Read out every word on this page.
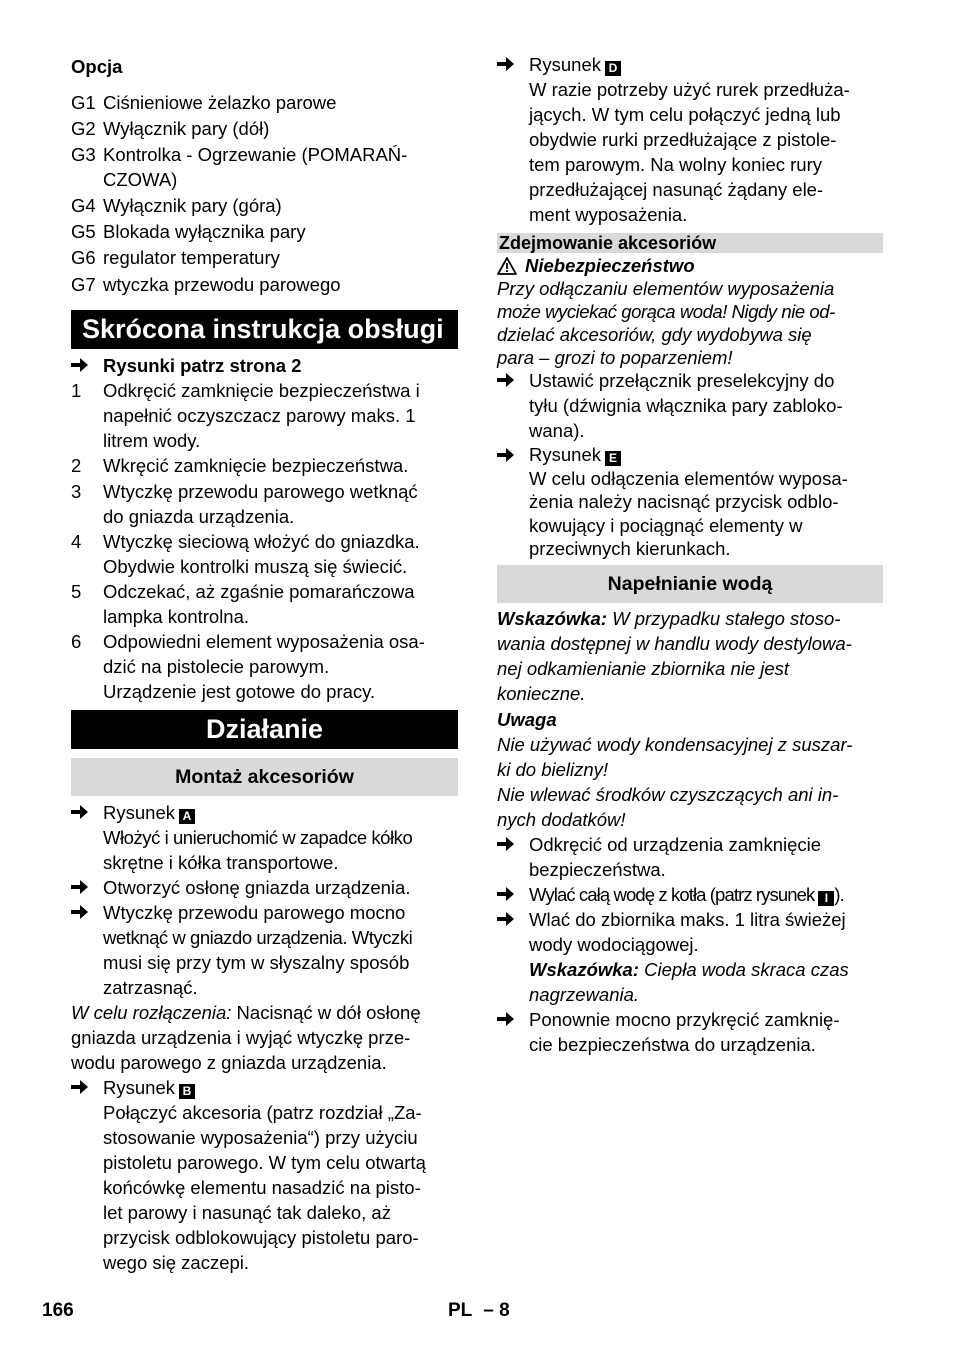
Opcja
G1 Ciśnieniowe żelazko parowe
G2 Wyłącznik pary (dół)
G3 Kontrolka - Ogrzewanie (POMARAŃ-
CZOWA)
G4 Wyłącznik pary (góra)
G5 Blokada wyłącznika pary
G6 regulator temperatury
G7 wtyczka przewodu parowego
Skrócona instrukcja obsługi
Rysunki patrz strona 2
1 Odkręcić zamknięcie bezpieczeństwa i
napełnić oczyszczacz parowy maks. 1
litrem wody.
2 Wkręcić zamknięcie bezpieczeństwa.
3 Wtyczkę przewodu parowego wetknąć
do gniazda urządzenia.
4 Wtyczkę sieciową włożyć do gniazdka.
Obydwie kontrolki muszą się świecić.
5 Odczekać, aż zgaśnie pomarańczowa
lampka kontrolna.
6 Odpowiedni element wyposażenia osa-
dzić na pistolecie parowym.
Urządzenie jest gotowe do pracy.
Działanie
Montaż akcesoriów
Rysunek A
Włożyć i unieruchomić w zapadce kółko
skrętne i kółka transportowe.
Otworzyć osłonę gniazda urządzenia.
Wtyczkę przewodu parowego mocno
wetknąć w gniazdo urządzenia. Wtyczki
musi się przy tym w słyszalny sposób
zatrzasnąć.
W celu rozłączenia: Nacisnąć w dół osłonę
gniazda urządzenia i wyjąć wtyczkę prze-
wodu parowego z gniazda urządzenia.
Rysunek B
Połączyć akcesoria (patrz rozdział „Za-
stosowanie wyposażenia“) przy użyciu
pistoletu parowego. W tym celu otwartą
końcówkę elementu nasadzić na pisto-
let parowy i nasunąć tak daleko, aż
przycisk odblokowujący pistoletu paro-
wego się zaczepi.
Rysunek D
W razie potrzeby użyć rurek przedłuża-
jących. W tym celu połączyć jedną lub
obydwie rurki przedłużające z pistole-
tem parowym. Na wolny koniec rury
przedłużającej nasunąć żądany ele-
ment wyposażenia.
Zdejmowanie akcesoriów
Niebezpieczeństwo
Przy odłączaniu elementów wyposażenia
może wyciekać gorąca woda! Nigdy nie od-
dzielać akcesoriów, gdy wydobywa się
para – grozi to poparzeniem!
Ustawić przełącznik preselekcyjny do
tyłu (dźwignia włącznika pary zabloko-
wana).
Rysunek E
W celu odłączenia elementów wyposa-
żenia należy nacisnąć przycisk odblo-
kowujący i pociągnąć elementy w
przeciwnych kierunkach.
Napełnianie wodą
Wskazówka: W przypadku stałego stoso-
wania dostępnej w handlu wody destylowa-
nej odkamienianie zbiornika nie jest
konieczne.
Uwaga
Nie używać wody kondensacyjnej z suszar-
ki do bielizny!
Nie wlewać środków czyszczących ani in-
nych dodatków!
Odkręcić od urządzenia zamknięcie
bezpieczeństwa.
Wylać całą wodę z kotła (patrz rysunek I ).
Wlać do zbiornika maks. 1 litra świeżej
wody wodociągowej.
Wskazówka: Ciepła woda skraca czas
nagrzewania.
Ponownie mocno przykręcić zamknię-
cie bezpieczeństwa do urządzenia.
166	PL – 8
